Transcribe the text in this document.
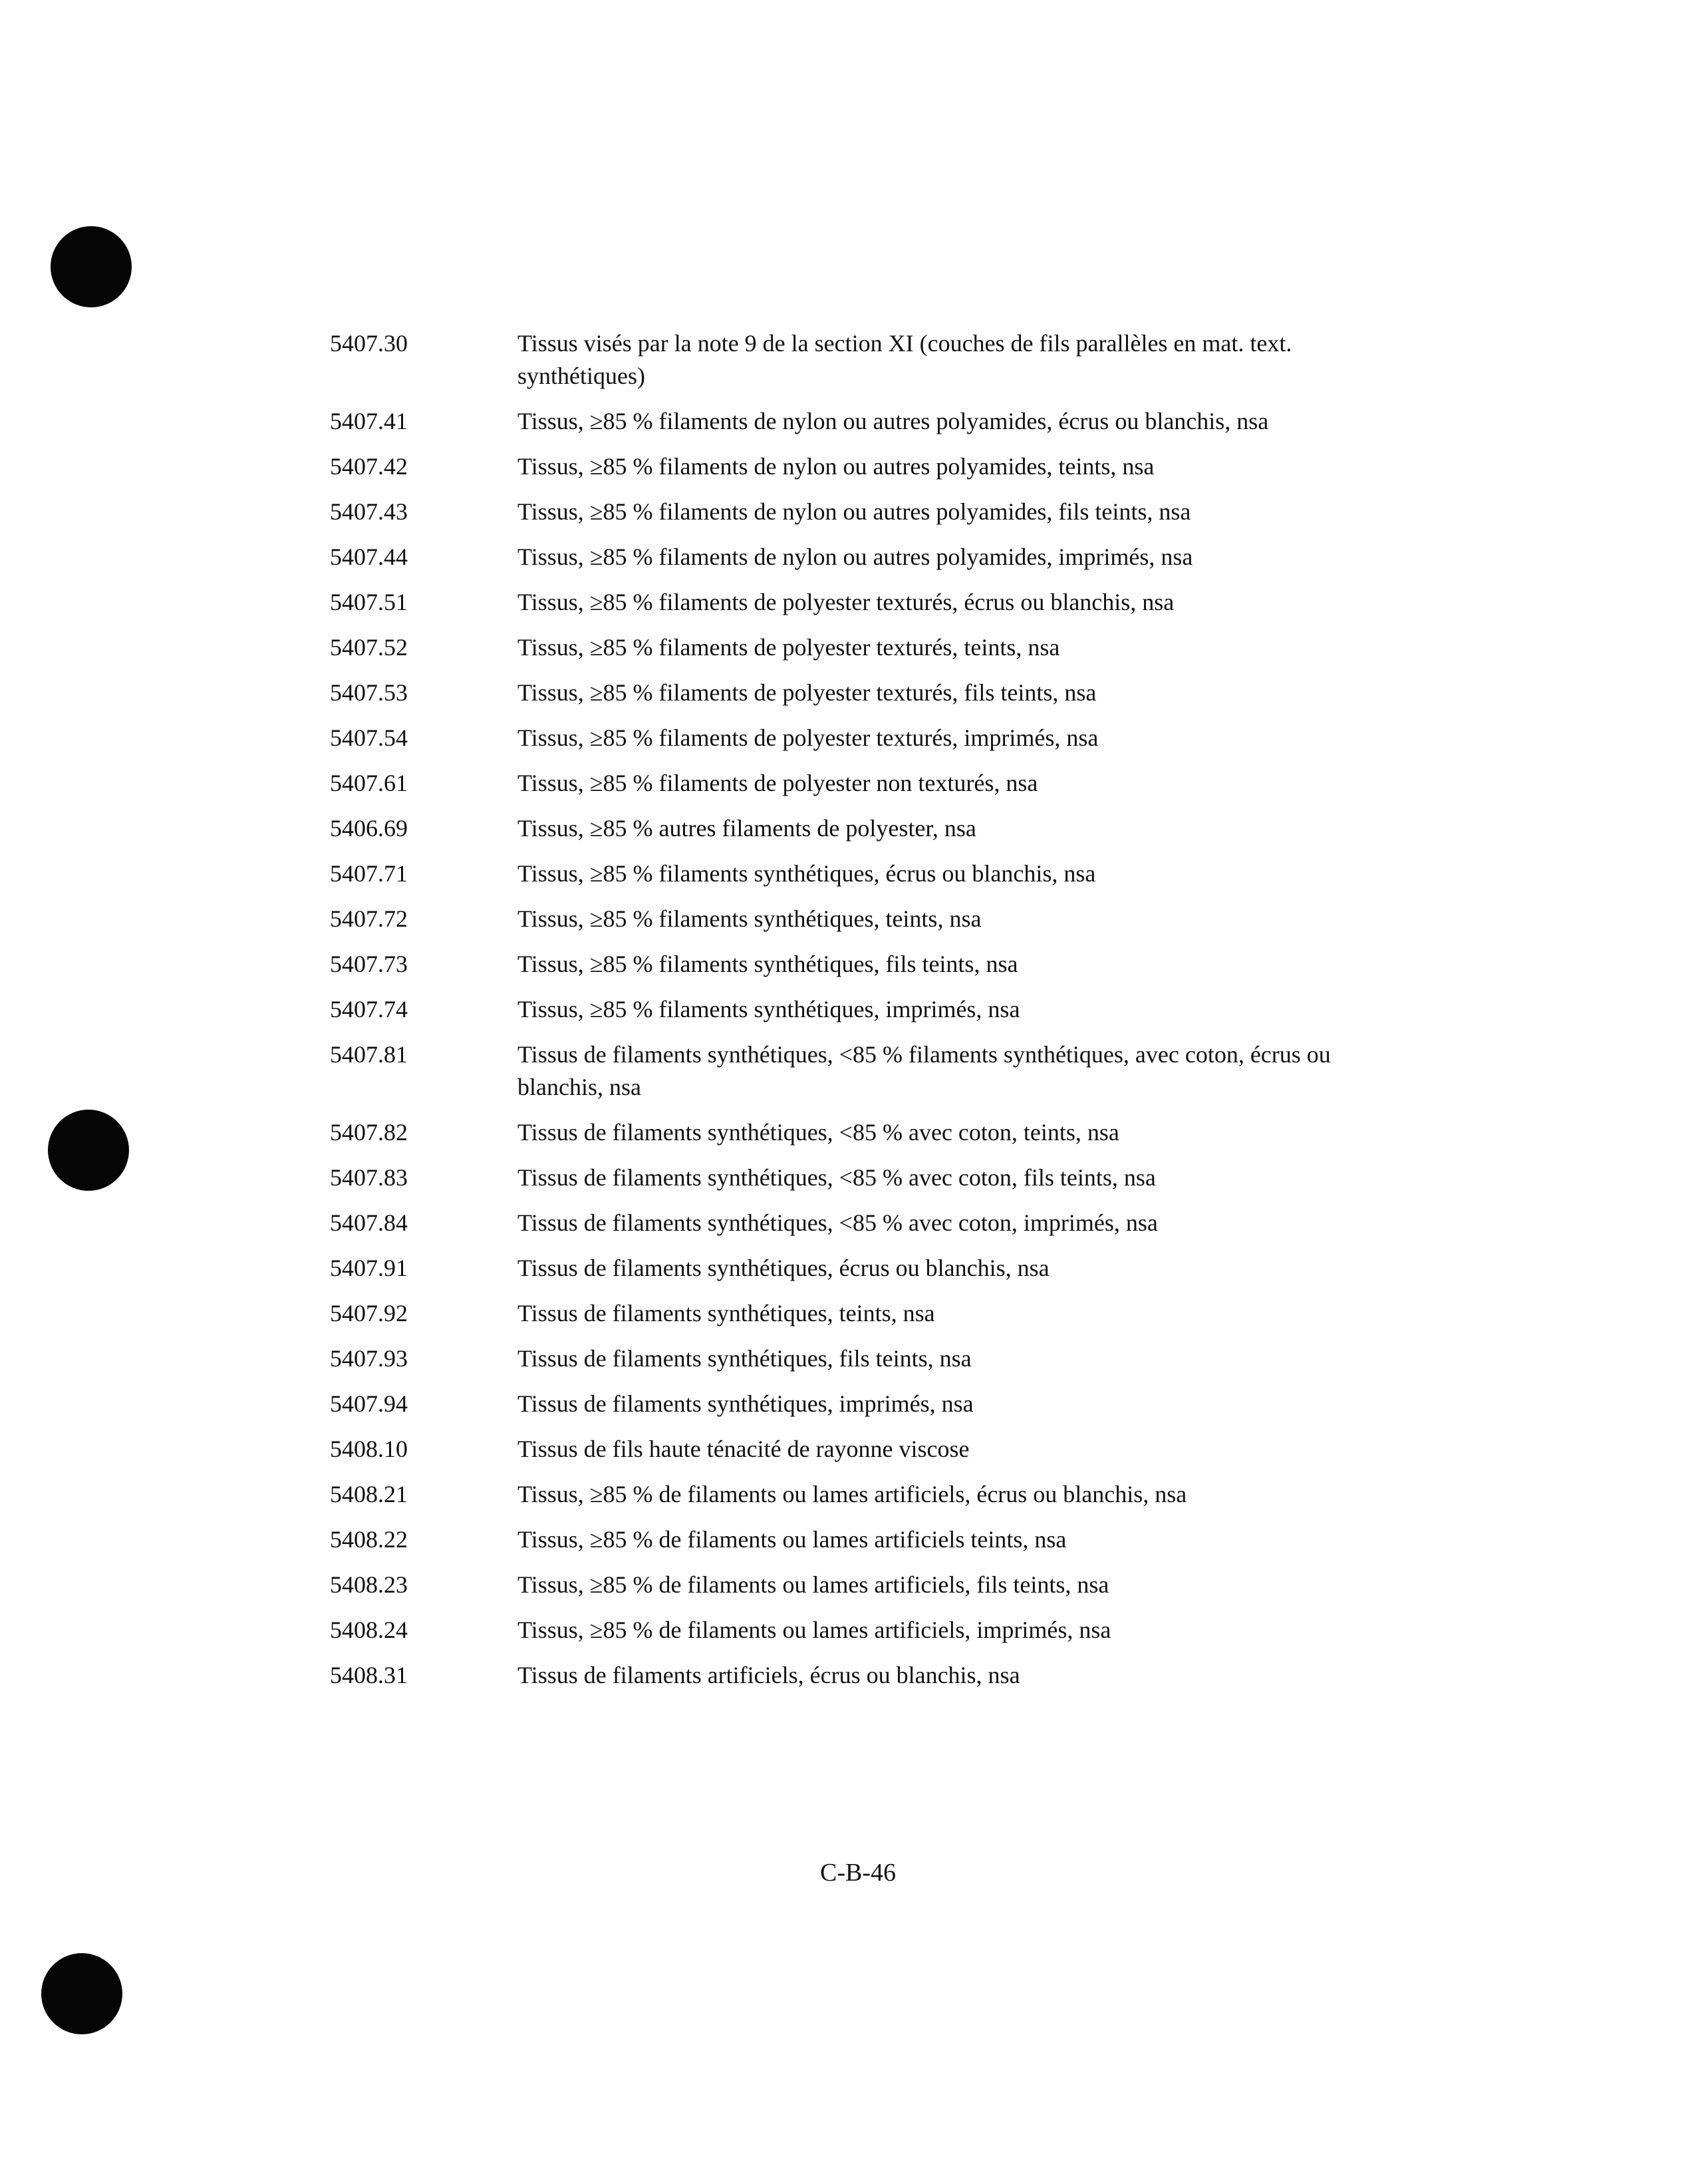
5407.30	Tissus visés par la note 9 de la section XI (couches de fils parallèles en mat. text. synthétiques)
5407.41	Tissus, ≥85 % filaments de nylon ou autres polyamides, écrus ou blanchis, nsa
5407.42	Tissus, ≥85 % filaments de nylon ou autres polyamides, teints, nsa
5407.43	Tissus, ≥85 % filaments de nylon ou autres polyamides, fils teints, nsa
5407.44	Tissus, ≥85 % filaments de nylon ou autres polyamides, imprimés, nsa
5407.51	Tissus, ≥85 % filaments de polyester texturés, écrus ou blanchis, nsa
5407.52	Tissus, ≥85 % filaments de polyester texturés, teints, nsa
5407.53	Tissus, ≥85 % filaments de polyester texturés, fils teints, nsa
5407.54	Tissus, ≥85 % filaments de polyester texturés, imprimés, nsa
5407.61	Tissus, ≥85 % filaments de polyester non texturés, nsa
5406.69	Tissus, ≥85 % autres filaments de polyester, nsa
5407.71	Tissus, ≥85 % filaments synthétiques, écrus ou blanchis, nsa
5407.72	Tissus, ≥85 % filaments synthétiques, teints, nsa
5407.73	Tissus, ≥85 % filaments synthétiques, fils teints, nsa
5407.74	Tissus, ≥85 % filaments synthétiques, imprimés, nsa
5407.81	Tissus de filaments synthétiques, <85 % filaments synthétiques, avec coton, écrus ou blanchis, nsa
5407.82	Tissus de filaments synthétiques, <85 % avec coton, teints, nsa
5407.83	Tissus de filaments synthétiques, <85 % avec coton, fils teints, nsa
5407.84	Tissus de filaments synthétiques, <85 % avec coton, imprimés, nsa
5407.91	Tissus de filaments synthétiques, écrus ou blanchis, nsa
5407.92	Tissus de filaments synthétiques, teints, nsa
5407.93	Tissus de filaments synthétiques, fils teints, nsa
5407.94	Tissus de filaments synthétiques, imprimés, nsa
5408.10	Tissus de fils haute ténacité de rayonne viscose
5408.21	Tissus, ≥85 % de filaments ou lames artificiels, écrus ou blanchis, nsa
5408.22	Tissus, ≥85 % de filaments ou lames artificiels teints, nsa
5408.23	Tissus, ≥85 % de filaments ou lames artificiels, fils teints, nsa
5408.24	Tissus, ≥85 % de filaments ou lames artificiels, imprimés, nsa
5408.31	Tissus de filaments artificiels, écrus ou blanchis, nsa
C-B-46
